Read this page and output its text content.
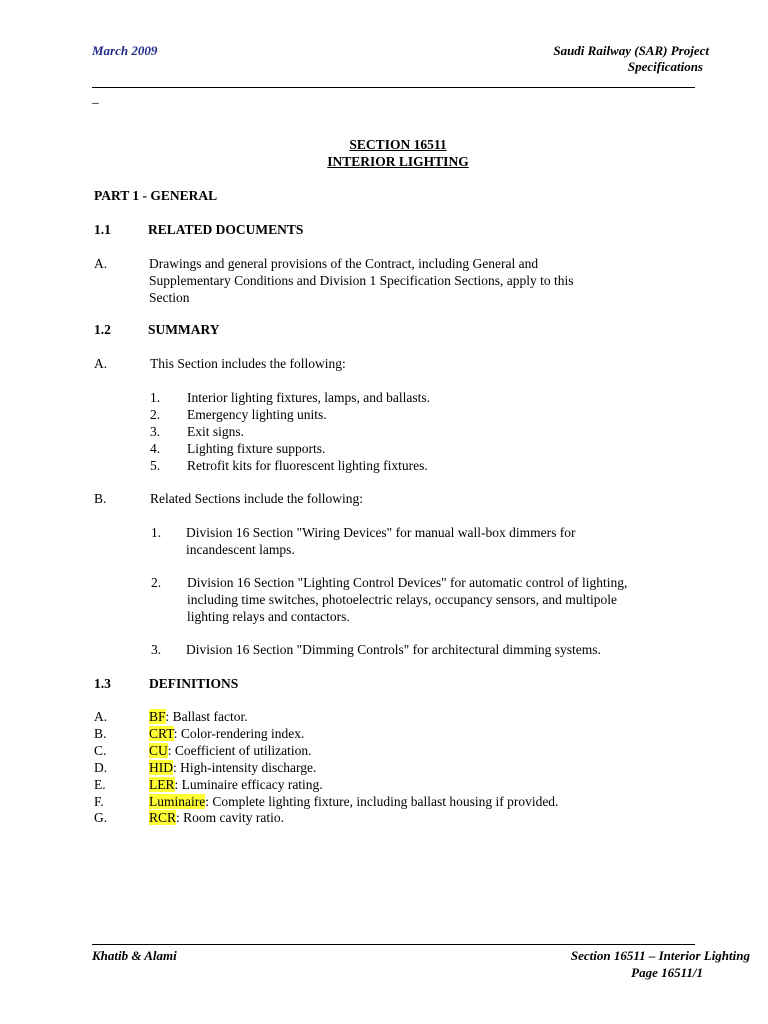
March 2009	Saudi Railway (SAR) Project
Specifications
_
SECTION 16511
INTERIOR LIGHTING
PART 1 - GENERAL
1.1	RELATED DOCUMENTS
A.	Drawings and general provisions of the Contract, including General and
Supplementary Conditions and Division 1 Specification Sections, apply to this
Section
1.2	SUMMARY
A.	This Section includes the following:
1. Interior lighting fixtures, lamps, and ballasts.
2. Emergency lighting units.
3. Exit signs.
4. Lighting fixture supports.
5. Retrofit kits for fluorescent lighting fixtures.
B.	Related Sections include the following:
1. Division 16 Section "Wiring Devices" for manual wall-box dimmers for
incandescent lamps.
2. Division 16 Section "Lighting Control Devices" for automatic control of lighting,
including time switches, photoelectric relays, occupancy sensors, and multipole
lighting relays and contactors.
3. Division 16 Section "Dimming Controls" for architectural dimming systems.
1.3	DEFINITIONS
A.	BF: Ballast factor.
B.	CRT: Color-rendering index.
C.	CU: Coefficient of utilization.
D.	HID: High-intensity discharge.
E.	LER: Luminaire efficacy rating.
F.	Luminaire: Complete lighting fixture, including ballast housing if provided.
G.	RCR: Room cavity ratio.
Khatib & Alami	Section 16511 – Interior Lighting
Page 16511/1
